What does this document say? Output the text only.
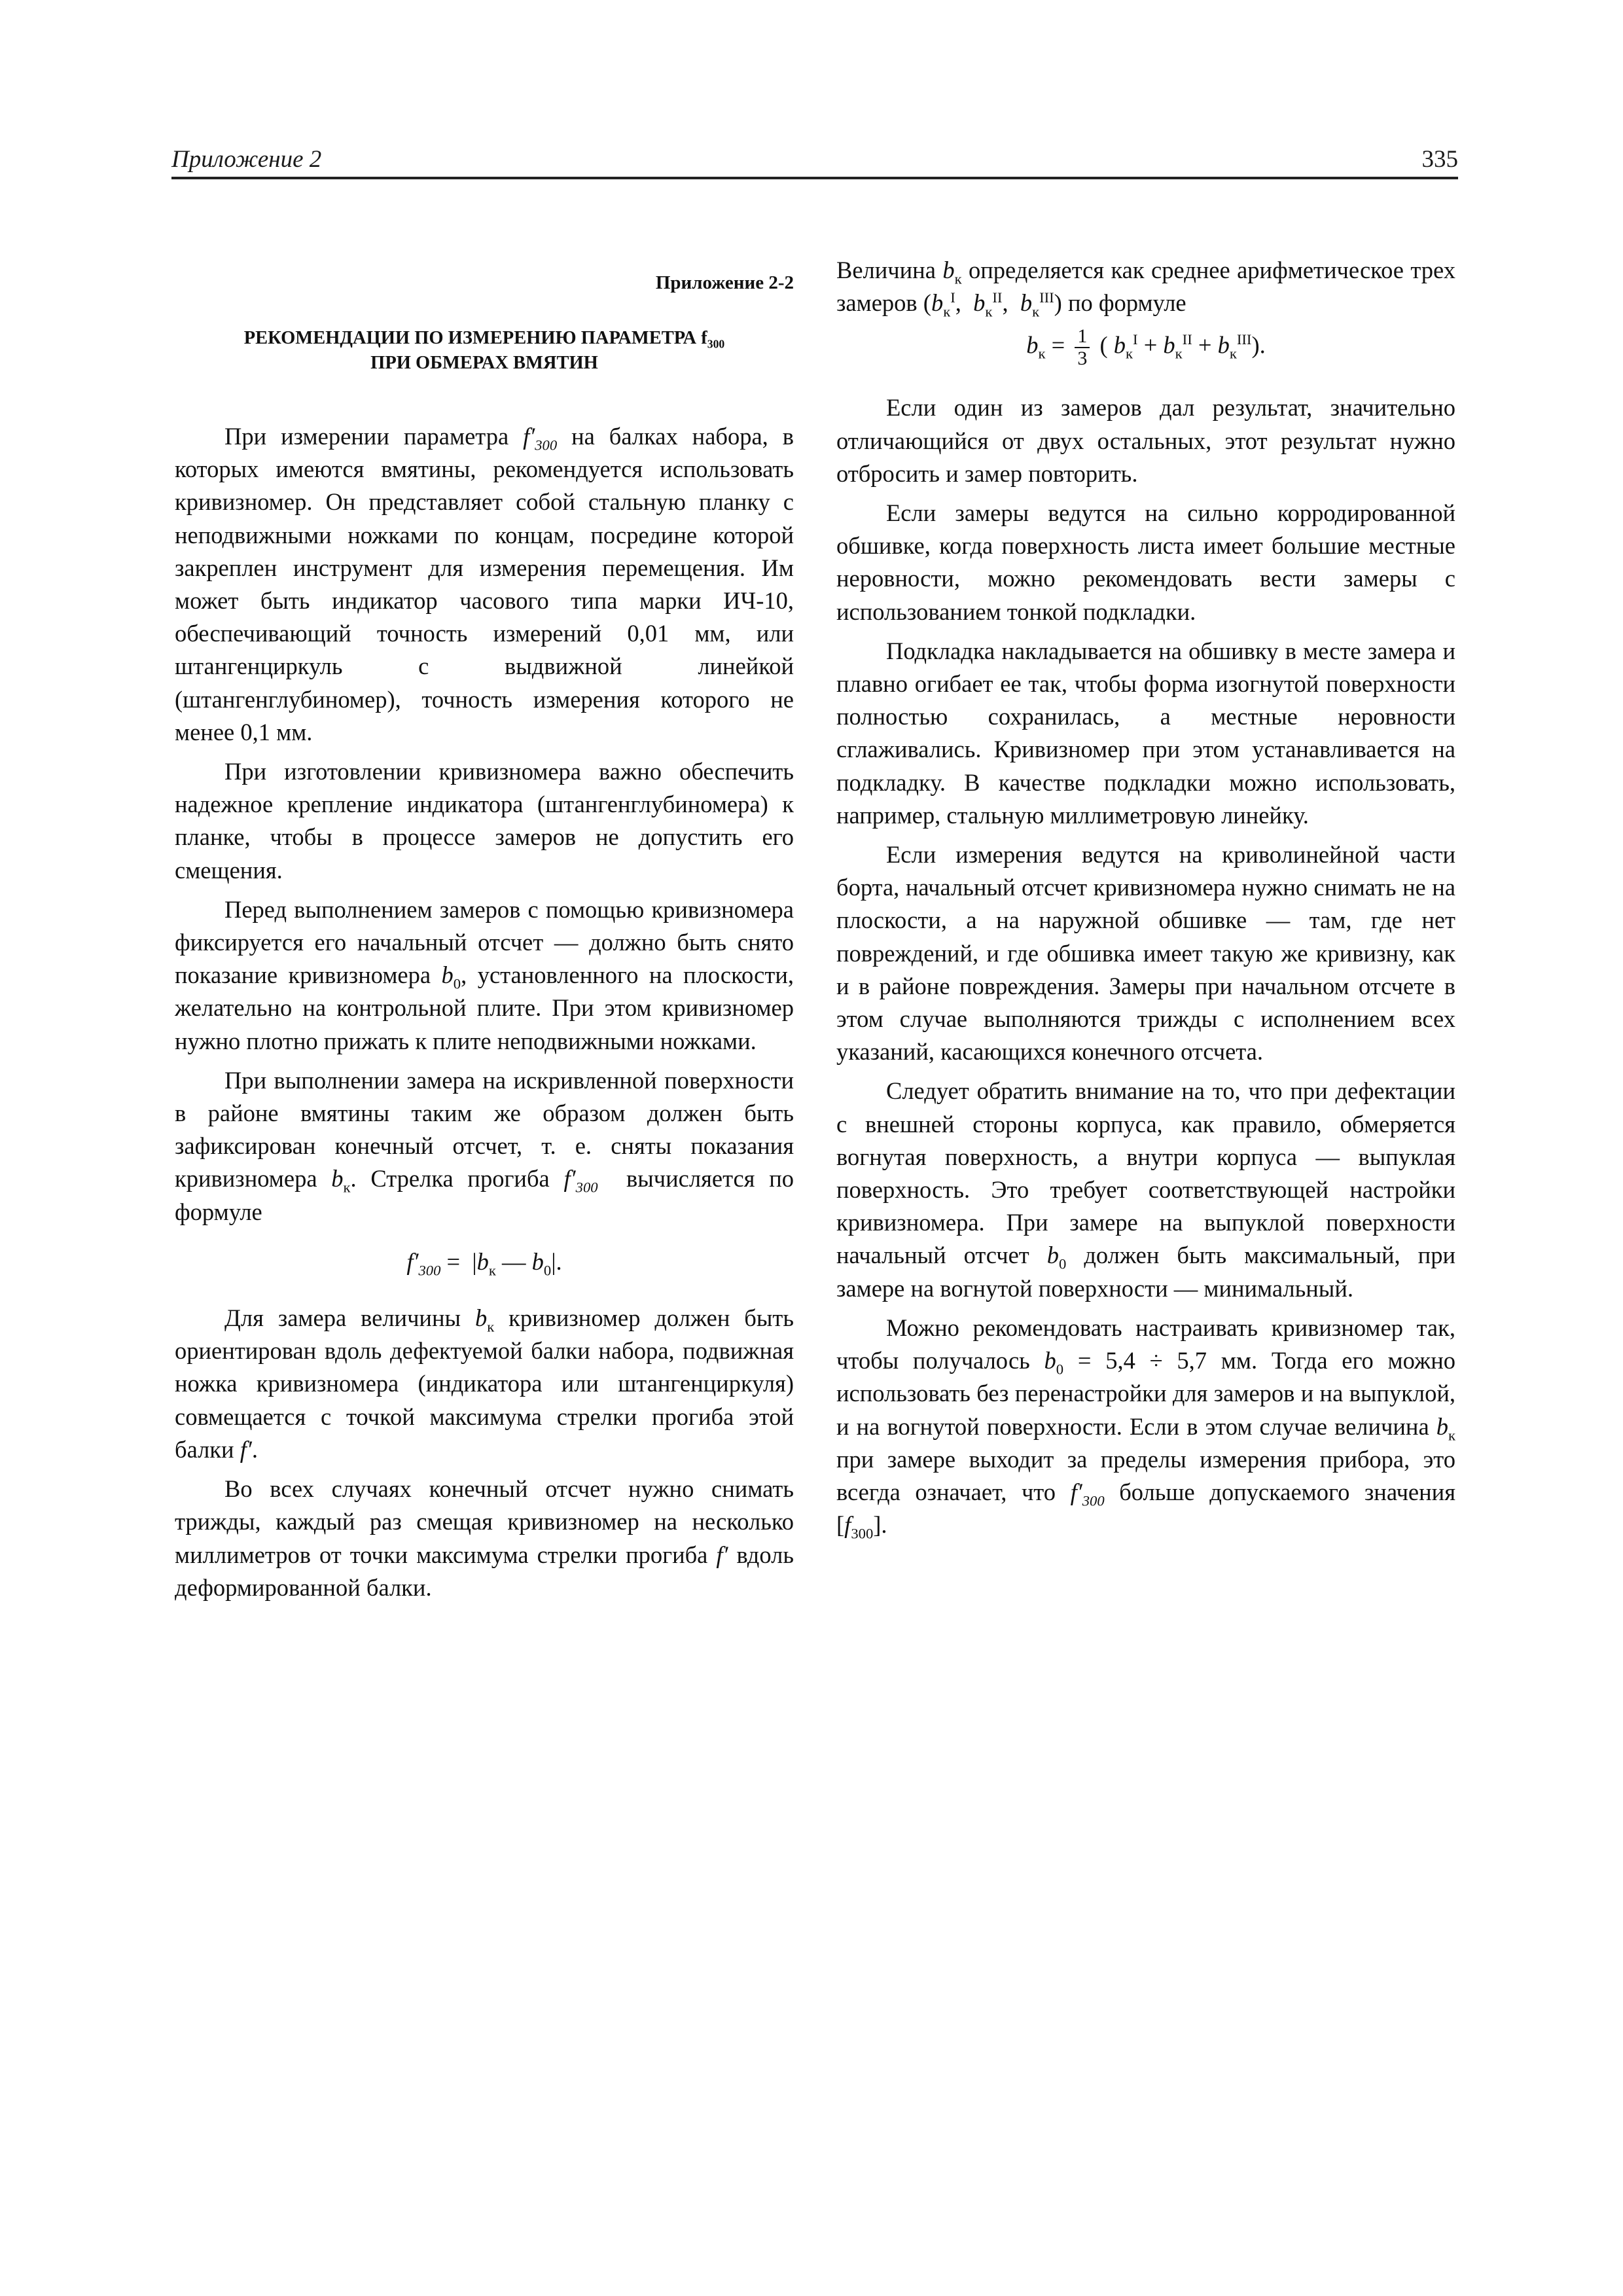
Приложение 2	335
Приложение 2-2
РЕКОМЕНДАЦИИ ПО ИЗМЕРЕНИЮ ПАРАМЕТРА $f_{300}$
ПРИ ОБМЕРАХ ВМЯТИН

При измерении параметра $f'_{300}$ на балках набора, в которых имеются вмятины, рекомендуется использовать кривизномер. Он представляет собой стальную планку с неподвижными ножками по концам, посредине которой закреплен инструмент для измерения перемещения. Им может быть индикатор часового типа марки ИЧ-10, обеспечивающий точность измерений 0,01 мм, или штангенциркуль с выдвижной линейкой (штангенглубиномер), точность измерения которого не менее 0,1 мм.

При изготовлении кривизномера важно обеспечить надежное крепление индикатора (штангенглубиномера) к планке, чтобы в процессе замеров не допустить его смещения.

Перед выполнением замеров с помощью кривизномера фиксируется его начальный отсчет — должно быть снято показание кривизномера $b_0$, установленного на плоскости, желательно на контрольной плите. При этом кривизномер нужно плотно прижать к плите неподвижными ножками.

При выполнении замера на искривленной поверхности в районе вмятины таким же образом должен быть зафиксирован конечный отсчет, т. е. сняты показания кривизномера $b_к$. Стрелка прогиба $f'_{300}$ вычисляется по формуле

$f'_{300} = |b_к$ — $b_0|$.

Для замера величины $b_к$ кривизномер должен быть ориентирован вдоль дефектуемой балки набора, подвижная ножка кривизномера (индикатора или штангенциркуля) совмещается с точкой максимума стрелки прогиба этой балки f′.

Во всех случаях конечный отсчет нужно снимать трижды, каждый раз смещая кривизномер на несколько миллиметров от точки максимума стрелки прогиба f′ вдоль деформированной балки.

Величина $b_к$ определяется как среднее арифметическое трех замеров ($b_к^I$,  $b_к^{II}$,  $b_к^{III}$) по формуле

$b_к = \frac{1}{3}$ ( $b_к^I + b_к^{II} + b_к^{III}$).

Если один из замеров дал результат, значительно отличающийся от двух остальных, этот результат нужно отбросить и замер повторить.

Если замеры ведутся на сильно корродированной обшивке, когда поверхность листа имеет большие местные неровности, можно рекомендовать вести замеры с использованием тонкой подкладки.

Подкладка накладывается на обшивку в месте замера и плавно огибает ее так, чтобы форма изогнутой поверхности полностью сохранилась, а местные неровности сглаживались. Кривизномер при этом устанавливается на подкладку. В качестве подкладки можно использовать, например, стальную миллиметровую линейку.

Если измерения ведутся на криволинейной части борта, начальный отсчет кривизномера нужно снимать не на плоскости, а на наружной обшивке — там, где нет повреждений, и где обшивка имеет такую же кривизну, как и в районе повреждения. Замеры при начальном отсчете в этом случае выполняются трижды с исполнением всех указаний, касающихся конечного отсчета.

Следует обратить внимание на то, что при дефектации с внешней стороны корпуса, как правило, обмеряется вогнутая поверхность, а внутри корпуса — выпуклая поверхность. Это требует соответствующей настройки кривизномера. При замере на выпуклой поверхности начальный отсчет $b_0$ должен быть максимальный, при замере на вогнутой поверхности — минимальный.

Можно рекомендовать настраивать кривизномер так, чтобы получалось $b_0 = 5,4 \div 5,7$ мм. Тогда его можно использовать без перенастройки для замеров и на выпуклой, и на вогнутой поверхности. Если в этом случае величина $b_к$ при замере выходит за пределы измерения прибора, это всегда означает, что $f'_{300}$ больше допускаемого значения $[f_{300}]$.
